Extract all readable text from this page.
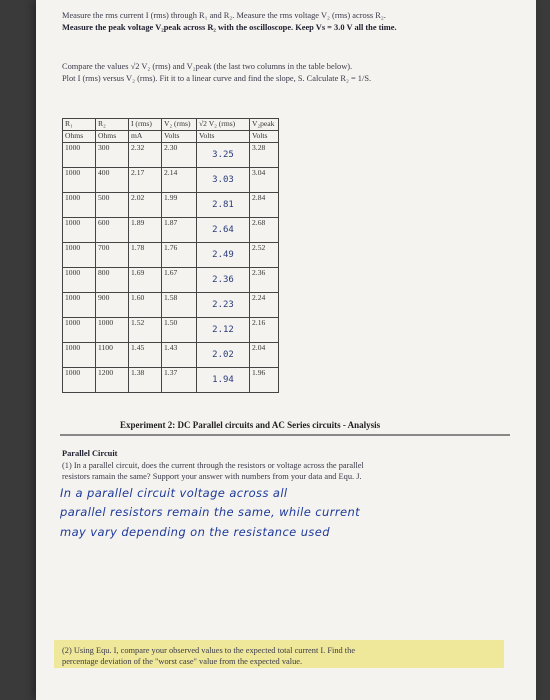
Measure the rms current I (rms) through R₁ and R₂. Measure the rms voltage V₂ (rms) across R₂.
Measure the peak voltage V₂peak across R₂ with the oscilloscope. Keep Vs = 3.0 V all the time.
Compare the values √2 V₂ (rms) and V₂peak (the last two columns in the table below).
Plot I (rms) versus V₂ (rms). Fit it to a linear curve and find the slope, S. Calculate R₂ = 1/S.
R₁	R₂	I (rms)	V₂ (rms)	√2 V₂ (rms)	V₂peak
Ohms	Ohms	mA	Volts	Volts	Volts
1000	300	2.32	2.30	3.25	3.28
1000	400	2.17	2.14	3.03	3.04
1000	500	2.02	1.99	2.81	2.84
1000	600	1.89	1.87	2.64	2.68
1000	700	1.78	1.76	2.49	2.52
1000	800	1.69	1.67	2.36	2.36
1000	900	1.60	1.58	2.23	2.24
1000	1000	1.52	1.50	2.12	2.16
1000	1100	1.45	1.43	2.02	2.04
1000	1200	1.38	1.37	1.94	1.96
Experiment 2: DC Parallel circuits and AC Series circuits - Analysis
Parallel Circuit
(1) In a parallel circuit, does the current through the resistors or voltage across the parallel
resistors ramain the same? Support your answer with numbers from your data and Equ. J.
In a parallel circuit voltage across all
parallel resistors remain the same, while current
may vary depending on the resistance used
(2) Using Equ. I, compare your observed values to the expected total current I. Find the
percentage deviation of the "worst case" value from the expected value.
